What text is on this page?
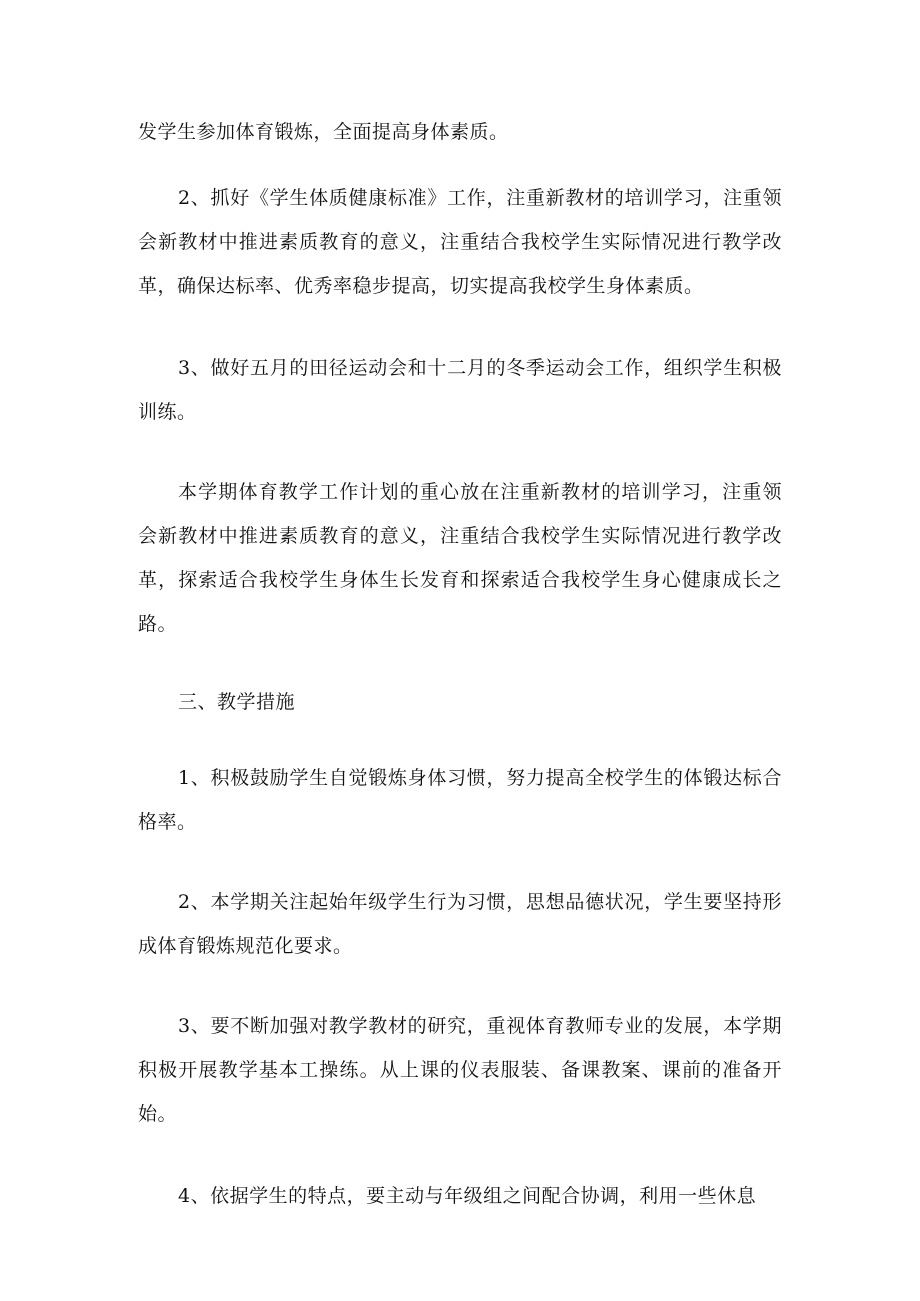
发学生参加体育锻炼，全面提高身体素质。

2、抓好《学生体质健康标准》工作，注重新教材的培训学习，注重领会新教材中推进素质教育的意义，注重结合我校学生实际情况进行教学改革，确保达标率、优秀率稳步提高，切实提高我校学生身体素质。

3、做好五月的田径运动会和十二月的冬季运动会工作，组织学生积极训练。

本学期体育教学工作计划的重心放在注重新教材的培训学习，注重领会新教材中推进素质教育的意义，注重结合我校学生实际情况进行教学改革，探索适合我校学生身体生长发育和探索适合我校学生身心健康成长之路。

三、教学措施

1、积极鼓励学生自觉锻炼身体习惯，努力提高全校学生的体锻达标合格率。

2、本学期关注起始年级学生行为习惯，思想品德状况，学生要坚持形成体育锻炼规范化要求。

3、要不断加强对教学教材的研究，重视体育教师专业的发展，本学期积极开展教学基本工操练。从上课的仪表服装、备课教案、课前的准备开始。

4、依据学生的特点，要主动与年级组之间配合协调，利用一些休息
